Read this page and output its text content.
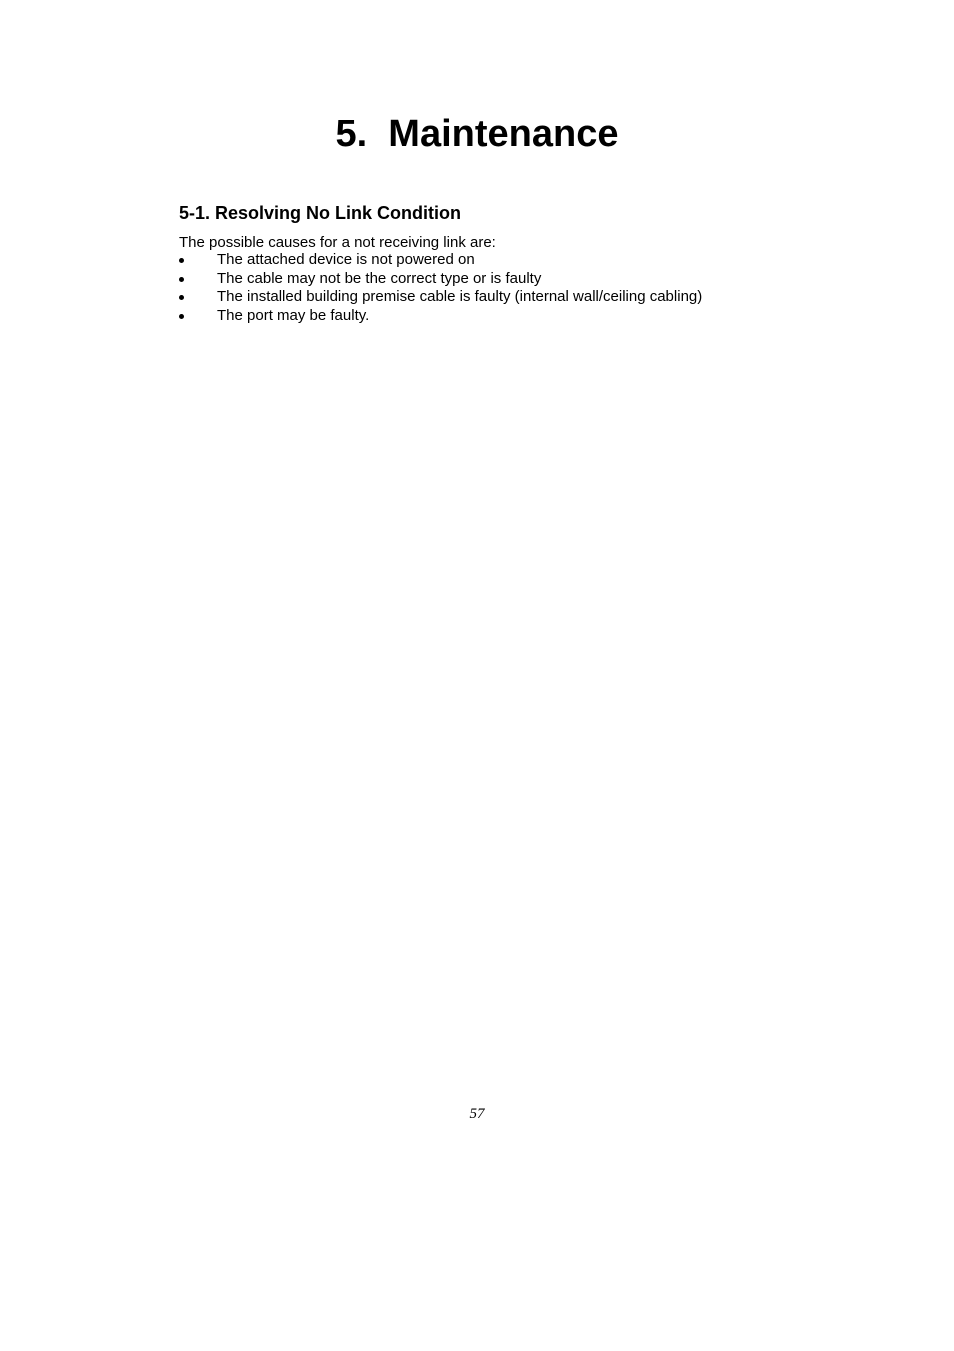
5.  Maintenance
5-1. Resolving No Link Condition

The possible causes for a not receiving link are:

The attached device is not powered on
The cable may not be the correct type or is faulty
The installed building premise cable is faulty (internal wall/ceiling cabling)
The port may be faulty.
57
